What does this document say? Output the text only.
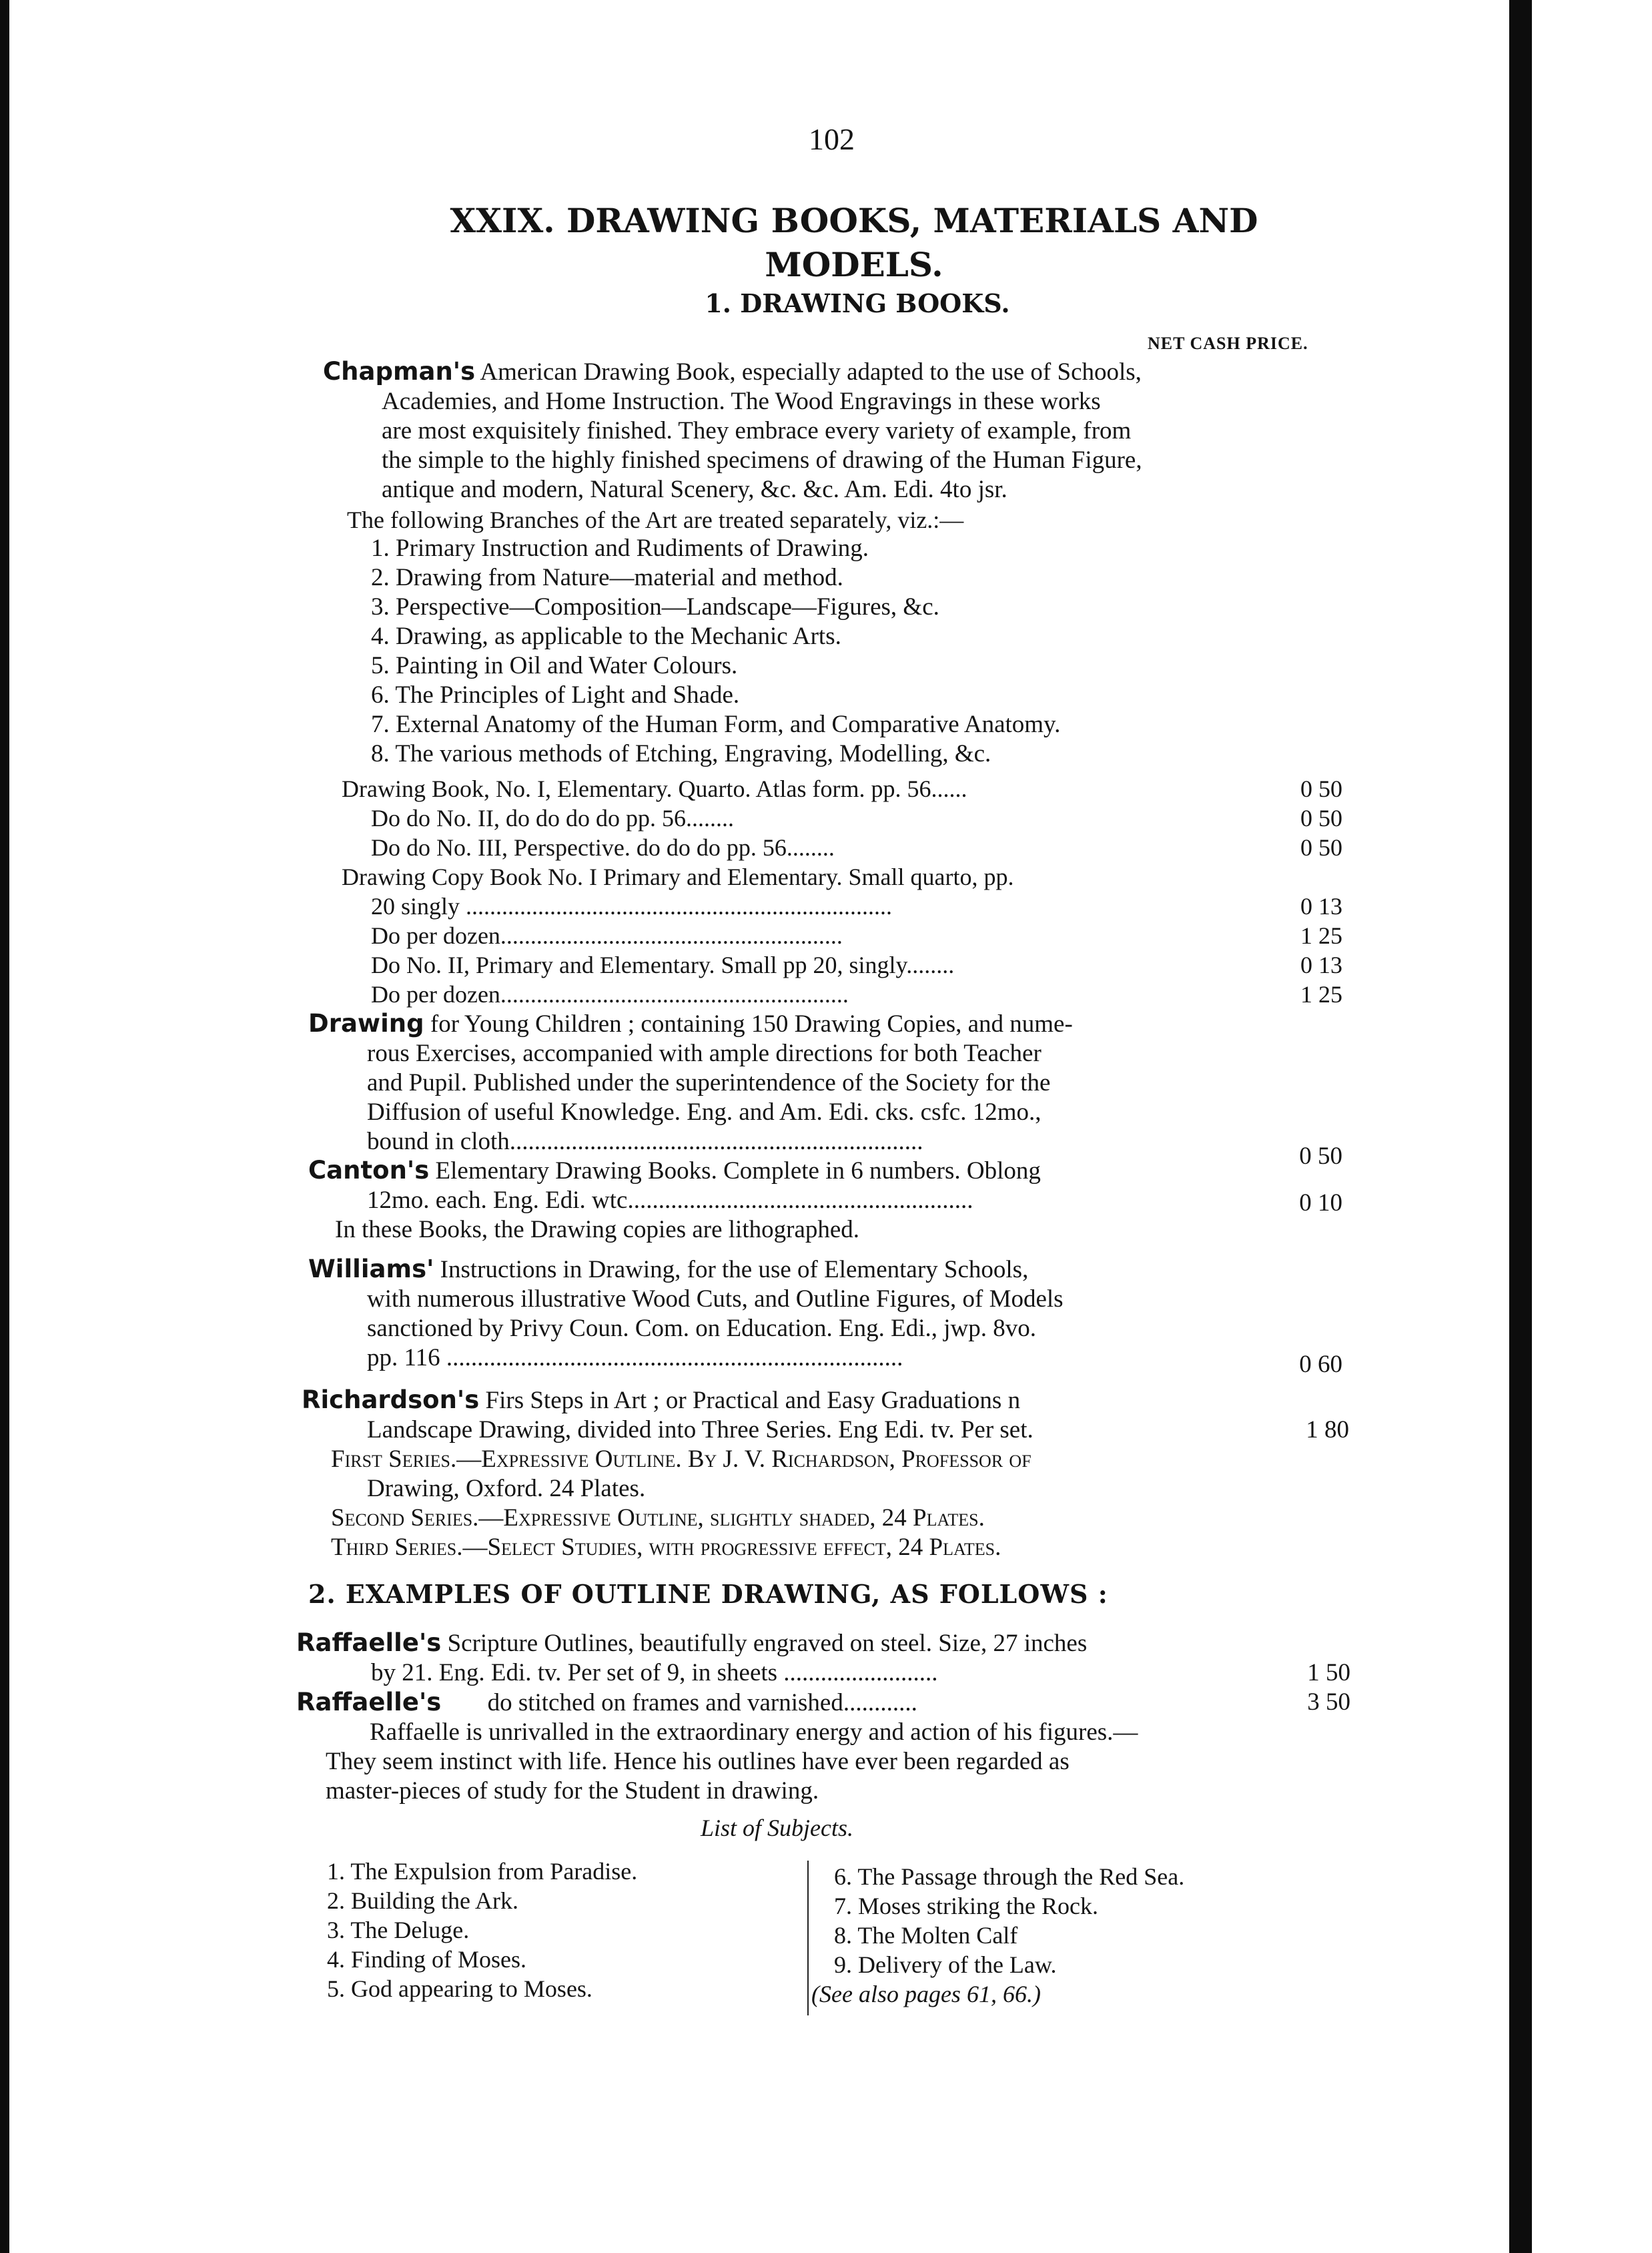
102
XXIX. DRAWING BOOKS, MATERIALS AND
MODELS.
1. DRAWING BOOKS.
NET CASH PRICE.
Chapman's American Drawing Book, especially adapted to the use of Schools,
Academies, and Home Instruction. The Wood Engravings in these works
are most exquisitely finished. They embrace every variety of example, from
the simple to the highly finished specimens of drawing of the Human Figure,
antique and modern, Natural Scenery, &c. &c. Am. Edi. 4to jsr.
The following Branches of the Art are treated separately, viz.:—
1. Primary Instruction and Rudiments of Drawing.
2. Drawing from Nature—material and method.
3. Perspective—Composition—Landscape—Figures, &c.
4. Drawing, as applicable to the Mechanic Arts.
5. Painting in Oil and Water Colours.
6. The Principles of Light and Shade.
7. External Anatomy of the Human Form, and Comparative Anatomy.
8. The various methods of Etching, Engraving, Modelling, &c.
Drawing Book, No. I, Elementary. Quarto. Atlas form. pp. 56......	0 50
Do do No. II, do do do do pp. 56........	0 50
Do do No. III, Perspective. do do do pp. 56........	0 50
Drawing Copy Book No. I Primary and Elementary. Small quarto, pp.
20 singly .......................................................................	0 13
Do per dozen.........................................................	1 25
Do No. II, Primary and Elementary. Small pp 20, singly........	0 13
Do per dozen..........................................................	1 25
Drawing for Young Children ; containing 150 Drawing Copies, and nume-
rous Exercises, accompanied with ample directions for both Teacher
and Pupil. Published under the superintendence of the Society for the
Diffusion of useful Knowledge. Eng. and Am. Edi. cks. csfc. 12mo.,
bound in cloth...................................................................
0 50
Canton's Elementary Drawing Books. Complete in 6 numbers. Oblong
12mo. each. Eng. Edi. wtc........................................................	0 10
In these Books, the Drawing copies are lithographed.
Williams' Instructions in Drawing, for the use of Elementary Schools,
with numerous illustrative Wood Cuts, and Outline Figures, of Models
sanctioned by Privy Coun. Com. on Education. Eng. Edi., jwp. 8vo.
pp. 116 ..........................................................................	0 60
Richardson's Firs Steps in Art ; or Practical and Easy Graduations n
Landscape Drawing, divided into Three Series. Eng Edi. tv. Per set.	1 80
First Series.—Expressive Outline. By J. V. Richardson, Professor of
Drawing, Oxford. 24 Plates.
Second Series.—Expressive Outline, slightly shaded, 24 Plates.
Third Series.—Select Studies, with progressive effect, 24 Plates.
2. EXAMPLES OF OUTLINE DRAWING, AS FOLLOWS :
Raffaelle's Scripture Outlines, beautifully engraved on steel. Size, 27 inches
by 21. Eng. Edi. tv. Per set of 9, in sheets .........................	1 50
Raffaelle's do stitched on frames and varnished............	3 50
Raffaelle is unrivalled in the extraordinary energy and action of his figures.—
They seem instinct with life. Hence his outlines have ever been regarded as
master-pieces of study for the Student in drawing.
List of Subjects.
1. The Expulsion from Paradise.
2. Building the Ark.
3. The Deluge.
4. Finding of Moses.
5. God appearing to Moses.
6. The Passage through the Red Sea.
7. Moses striking the Rock.
8. The Molten Calf
9. Delivery of the Law.
(See also pages 61, 66.)
